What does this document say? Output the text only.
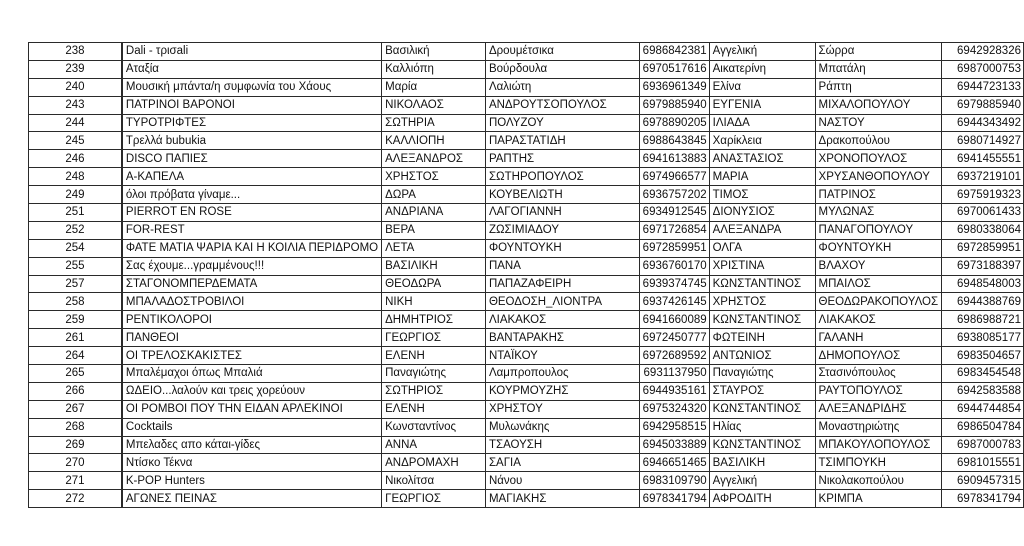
238	Dali - τρισali	Βασιλική	Δρουμέτσικα	6986842381	Αγγελική	Σώρρα	6942928326
239	Αταξία	Καλλιόπη	Βούρδουλα	6970517616	Αικατερίνη	Μπατάλη	6987000753
240	Μουσική μπάντα/η συμφωνία του Χάους	Μαρία	Λαλιώτη	6936961349	Ελίνα	Ράπτη	6944723133
243	ΠΑΤΡΙΝΟΙ ΒΑΡΟΝΟΙ	ΝΙΚΟΛΑΟΣ	ΑΝΔΡΟΥΤΣΟΠΟΥΛΟΣ	6979885940	ΕΥΓΕΝΙΑ	ΜΙΧΑΛΟΠΟΥΛΟΥ	6979885940
244	ΤΥΡΟΤΡΙΦΤΕΣ	ΣΩΤΗΡΙΑ	ΠΟΛΥΖΟΥ	6978890205	ΙΛΙΑΔΑ	ΝΑΣΤΟΥ	6944343492
245	Τρελλά bubukia	ΚΑΛΛΙΟΠΗ	ΠΑΡΑΣΤΑΤΙΔΗ	6988643845	Χαρίκλεια	Δρακοπούλου	6980714927
246	DISCO ΠΑΠΙΕΣ	ΑΛΕΞΑΝΔΡΟΣ	ΡΑΠΤΗΣ	6941613883	ΑΝΑΣΤΑΣΙΟΣ	ΧΡΟΝΟΠΟΥΛΟΣ	6941455551
248	Α-ΚΑΠΕΛΑ	ΧΡΗΣΤΟΣ	ΣΩΤΗΡΟΠΟΥΛΟΣ	6974966577	ΜΑΡΙΑ	ΧΡΥΣΑΝΘΟΠΟΥΛΟΥ	6937219101
249	όλοι πρόβατα γίναμε...	ΔΩΡΑ	ΚΟΥΒΕΛΙΩΤΗ	6936757202	ΤΙΜΟΣ	ΠΑΤΡΙΝΟΣ	6975919323
251	PIERROT EN ROSE	ΑΝΔΡΙΑΝΑ	ΛΑΓΟΓΙΑΝΝΗ	6934912545	ΔΙΟΝΥΣΙΟΣ	ΜΥΛΩΝΑΣ	6970061433
252	FOR-REST	ΒΕΡΑ	ΖΩΣΙΜΙΑΔΟΥ	6971726854	ΑΛΕΞΑΝΔΡΑ	ΠΑΝΑΓΟΠΟΥΛΟΥ	6980338064
254	ΦΑΤΕ ΜΑΤΙΑ ΨΑΡΙΑ ΚΑΙ Η ΚΟΙΛΙΑ ΠΕΡΙΔΡΟΜΟ	ΛΕΤΑ	ΦΟΥΝΤΟΥΚΗ	6972859951	ΟΛΓΑ	ΦΟΥΝΤΟΥΚΗ	6972859951
255	Σας έχουμε...γραμμένους!!!	ΒΑΣΙΛΙΚΗ	ΠΑΝΑ	6936760170	ΧΡΙΣΤΙΝΑ	ΒΛΑΧΟΥ	6973188397
257	ΣΤΑΓΟΝΟΜΠΕΡΔΕΜΑΤΑ	ΘΕΟΔΩΡΑ	ΠΑΠΑΖΑΦΕΙΡΗ	6939374745	ΚΩΝΣΤΑΝΤΙΝΟΣ	ΜΠΑΙΛΟΣ	6948548003
258	ΜΠΑΛΑΔΟΣΤΡΟΒΙΛΟΙ	ΝΙΚΗ	ΘΕΟΔΟΣΗ_ΛΙΟΝΤΡΑ	6937426145	ΧΡΗΣΤΟΣ	ΘΕΟΔΩΡΑΚΟΠΟΥΛΟΣ	6944388769
259	ΡΕΝΤΙΚΟΛΟΡΟΙ	ΔΗΜΗΤΡΙΟΣ	ΛΙΑΚΑΚΟΣ	6941660089	ΚΩΝΣΤΑΝΤΙΝΟΣ	ΛΙΑΚΑΚΟΣ	6986988721
261	ΠΑΝΘΕΟΙ	ΓΕΩΡΓΙΟΣ	ΒΑΝΤΑΡΑΚΗΣ	6972450777	ΦΩΤΕΙΝΗ	ΓΑΛΑΝΗ	6938085177
264	ΟΙ ΤΡΕΛΟΣΚΑΚΙΣΤΕΣ	ΕΛΕΝΗ	ΝΤΑΪΚΟΥ	6972689592	ΑΝΤΩΝΙΟΣ	ΔΗΜΟΠΟΥΛΟΣ	6983504657
265	Μπαλέμαχοι όπως Μπαλιά	Παναγιώτης	Λαμπροπουλος	6931137950	Παναγιώτης	Στασινόπουλος	6983454548
266	ΩΔΕΙΟ...λαλούν και τρεις χορεύουν	ΣΩΤΗΡΙΟΣ	ΚΟΥΡΜΟΥΖΗΣ	6944935161	ΣΤΑΥΡΟΣ	ΡΑΥΤΟΠΟΥΛΟΣ	6942583588
267	ΟΙ ΡΟΜΒΟΙ ΠΟΥ ΤΗΝ ΕΙΔΑΝ ΑΡΛΕΚΙΝΟΙ	ΕΛΕΝΗ	ΧΡΗΣΤΟΥ	6975324320	ΚΩΝΣΤΑΝΤΙΝΟΣ	ΑΛΕΞΑΝΔΡΙΔΗΣ	6944744854
268	Cocktails	Κωνσταντίνος	Μυλωνάκης	6942958515	Ηλίας	Μοναστηριώτης	6986504784
269	Μπελαδες απο κάται-γίδες	ΑΝΝΑ	ΤΣΑΟΥΣΗ	6945033889	ΚΩΝΣΤΑΝΤΙΝΟΣ	ΜΠΑΚΟΥΛΟΠΟΥΛΟΣ	6987000783
270	Ντίσκο Τέκνα	ΑΝΔΡΟΜΑΧΗ	ΣΑΓΙΑ	6946651465	ΒΑΣΙΛΙΚΗ	ΤΣΙΜΠΟΥΚΗ	6981015551
271	K-POP Hunters	Νικολίτσα	Νάνου	6983109790	Αγγελική	Νικολακοπούλου	6909457315
272	ΑΓΩΝΕΣ ΠΕΙΝΑΣ	ΓΕΩΡΓΙΟΣ	ΜΑΓΙΑΚΗΣ	6978341794	ΑΦΡΟΔΙΤΗ	ΚΡΙΜΠΑ	6978341794
